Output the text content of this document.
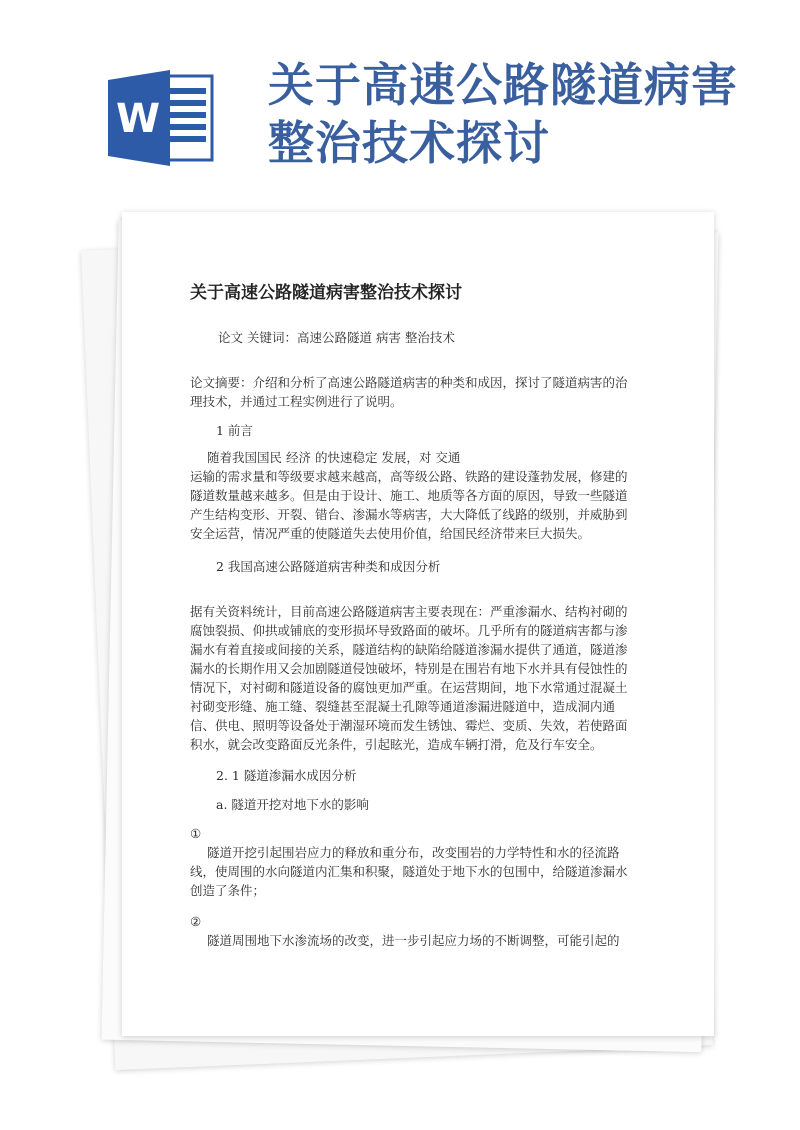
W
关于高速公路隧道病害
整治技术探讨

关于高速公路隧道病害整治技术探讨

论文 关键词：高速公路隧道 病害 整治技术

论文摘要：介绍和分析了高速公路隧道病害的种类和成因，探讨了隧道病害的治理技术，并通过工程实例进行了说明。

1 前言

随着我国国民 经济 的快速稳定 发展，对 交通

运输的需求量和等级要求越来越高，高等级公路、铁路的建设蓬勃发展，修建的隧道数量越来越多。但是由于设计、施工、地质等各方面的原因，导致一些隧道产生结构变形、开裂、错台、渗漏水等病害，大大降低了线路的级别，并威胁到安全运营，情况严重的使隧道失去使用价值，给国民经济带来巨大损失。

2 我国高速公路隧道病害种类和成因分析

据有关资料统计，目前高速公路隧道病害主要表现在：严重渗漏水、结构衬砌的腐蚀裂损、仰拱或铺底的变形损坏导致路面的破坏。几乎所有的隧道病害都与渗漏水有着直接或间接的关系，隧道结构的缺陷给隧道渗漏水提供了通道，隧道渗漏水的长期作用又会加剧隧道侵蚀破坏，特别是在围岩有地下水并具有侵蚀性的情况下，对衬砌和隧道设备的腐蚀更加严重。在运营期间，地下水常通过混凝土衬砌变形缝、施工缝、裂缝甚至混凝土孔隙等通道渗漏进隧道中，造成洞内通信、供电、照明等设备处于潮湿环境而发生锈蚀、霉烂、变质、失效，若使路面积水，就会改变路面反光条件，引起眩光，造成车辆打滑，危及行车安全。

2. 1 隧道渗漏水成因分析

a. 隧道开挖对地下水的影响

①

隧道开挖引起围岩应力的释放和重分布，改变围岩的力学特性和水的径流路线，使周围的水向隧道内汇集和积聚，隧道处于地下水的包围中，给隧道渗漏水创造了条件；

②

隧道周围地下水渗流场的改变，进一步引起应力场的不断调整，可能引起的
